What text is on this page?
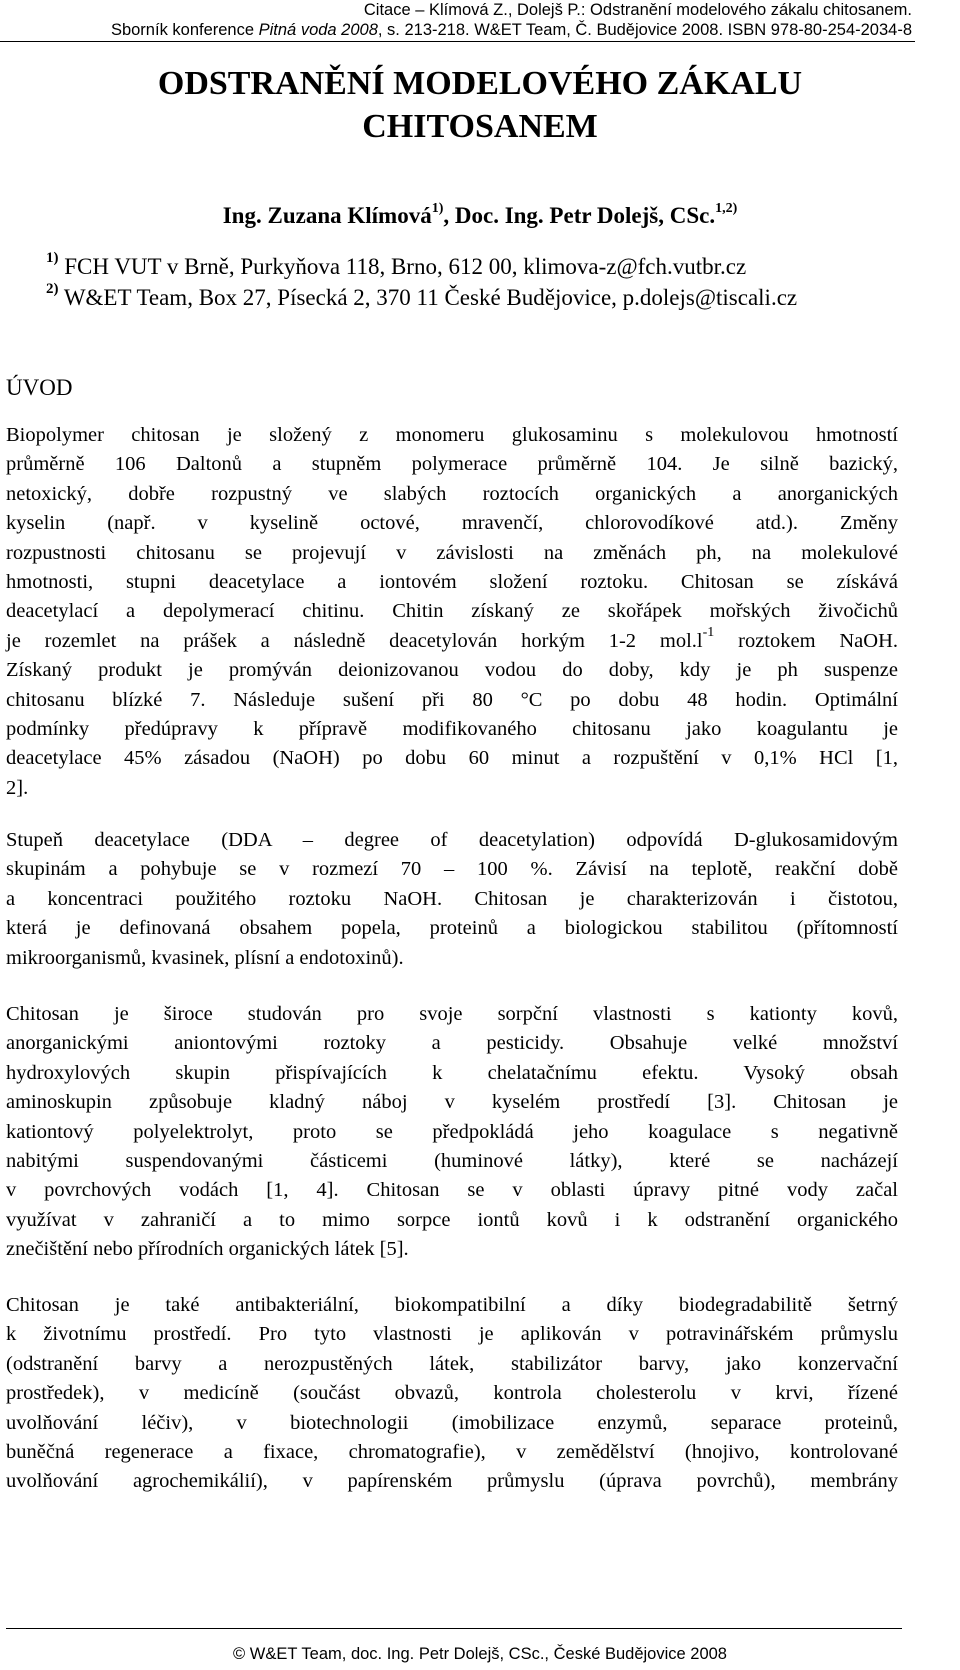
Citace – Klímová Z., Dolejš P.: Odstranění modelového zákalu chitosanem.
Sborník konference Pitná voda 2008, s. 213-218. W&ET Team, Č. Budějovice 2008. ISBN 978-80-254-2034-8
ODSTRANĚNÍ MODELOVÉHO ZÁKALU
CHITOSANEM
Ing. Zuzana Klímová$^{1)}$, Doc. Ing. Petr Dolejš, CSc.$^{1,2)}$
$^{1)}$ FCH VUT v Brně, Purkyňova 118, Brno, 612 00, klimova-z@fch.vutbr.cz
$^{2)}$ W&ET Team, Box 27, Písecká 2, 370 11 České Budějovice, p.dolejs@tiscali.cz
ÚVOD
Biopolymer chitosan je složený z monomeru glukosaminu s molekulovou hmotností
průměrně 106 Daltonů a stupněm polymerace průměrně 104. Je silně bazický,
netoxický, dobře rozpustný ve slabých roztocích organických a anorganických
kyselin (např. v kyselině octové, mravenčí, chlorovodíkové atd.). Změny
rozpustnosti chitosanu se projevují v závislosti na změnách ph, na molekulové
hmotnosti, stupni deacetylace a iontovém složení roztoku. Chitosan se získává
deacetylací a depolymerací chitinu. Chitin získaný ze skořápek mořských živočichů
je rozemlet na prášek a následně deacetylován horkým 1-2 $mol.l^{-1}$ roztokem NaOH.
Získaný produkt je promýván deionizovanou vodou do doby, kdy je ph suspenze
chitosanu blízké 7. Následuje sušení při 80 °C po dobu 48 hodin. Optimální
podmínky předúpravy k přípravě modifikovaného chitosanu jako koagulantu je
deacetylace 45% zásadou (NaOH) po dobu 60 minut a rozpuštění v 0,1% HCl [1,
2].
Stupeň deacetylace (DDA – degree of deacetylation) odpovídá D-glukosamidovým
skupinám a pohybuje se v rozmezí 70 – 100 %. Závisí na teplotě, reakční době
a koncentraci použitého roztoku NaOH. Chitosan je charakterizován i čistotou,
která je definovaná obsahem popela, proteinů a biologickou stabilitou (přítomností
mikroorganismů, kvasinek, plísní a endotoxinů).
Chitosan je široce studován pro svoje sorpční vlastnosti s kationty kovů,
anorganickými aniontovými roztoky a pesticidy. Obsahuje velké množství
hydroxylových skupin přispívajících k chelatačnímu efektu. Vysoký obsah
aminoskupin způsobuje kladný náboj v kyselém prostředí [3]. Chitosan je
kationtový polyelektrolyt, proto se předpokládá jeho koagulace s negativně
nabitými suspendovanými částicemi (huminové látky), které se nacházejí
v povrchových vodách [1, 4]. Chitosan se v oblasti úpravy pitné vody začal
využívat v zahraničí a to mimo sorpce iontů kovů i k odstranění organického
znečištění nebo přírodních organických látek [5].
Chitosan je také antibakteriální, biokompatibilní a díky biodegradabilitě šetrný
k životnímu prostředí. Pro tyto vlastnosti je aplikován v potravinářském průmyslu
(odstranění barvy a nerozpustěných látek, stabilizátor barvy, jako konzervační
prostředek), v medicíně (součást obvazů, kontrola cholesterolu v krvi, řízené
uvolňování léčiv), v biotechnologii (imobilizace enzymů, separace proteinů,
buněčná regenerace a fixace, chromatografie), v zemědělství (hnojivo, kontrolované
uvolňování agrochemikálií), v papírenském průmyslu (úprava povrchů), membrány
© W&ET Team, doc. Ing. Petr Dolejš, CSc., České Budějovice 2008
